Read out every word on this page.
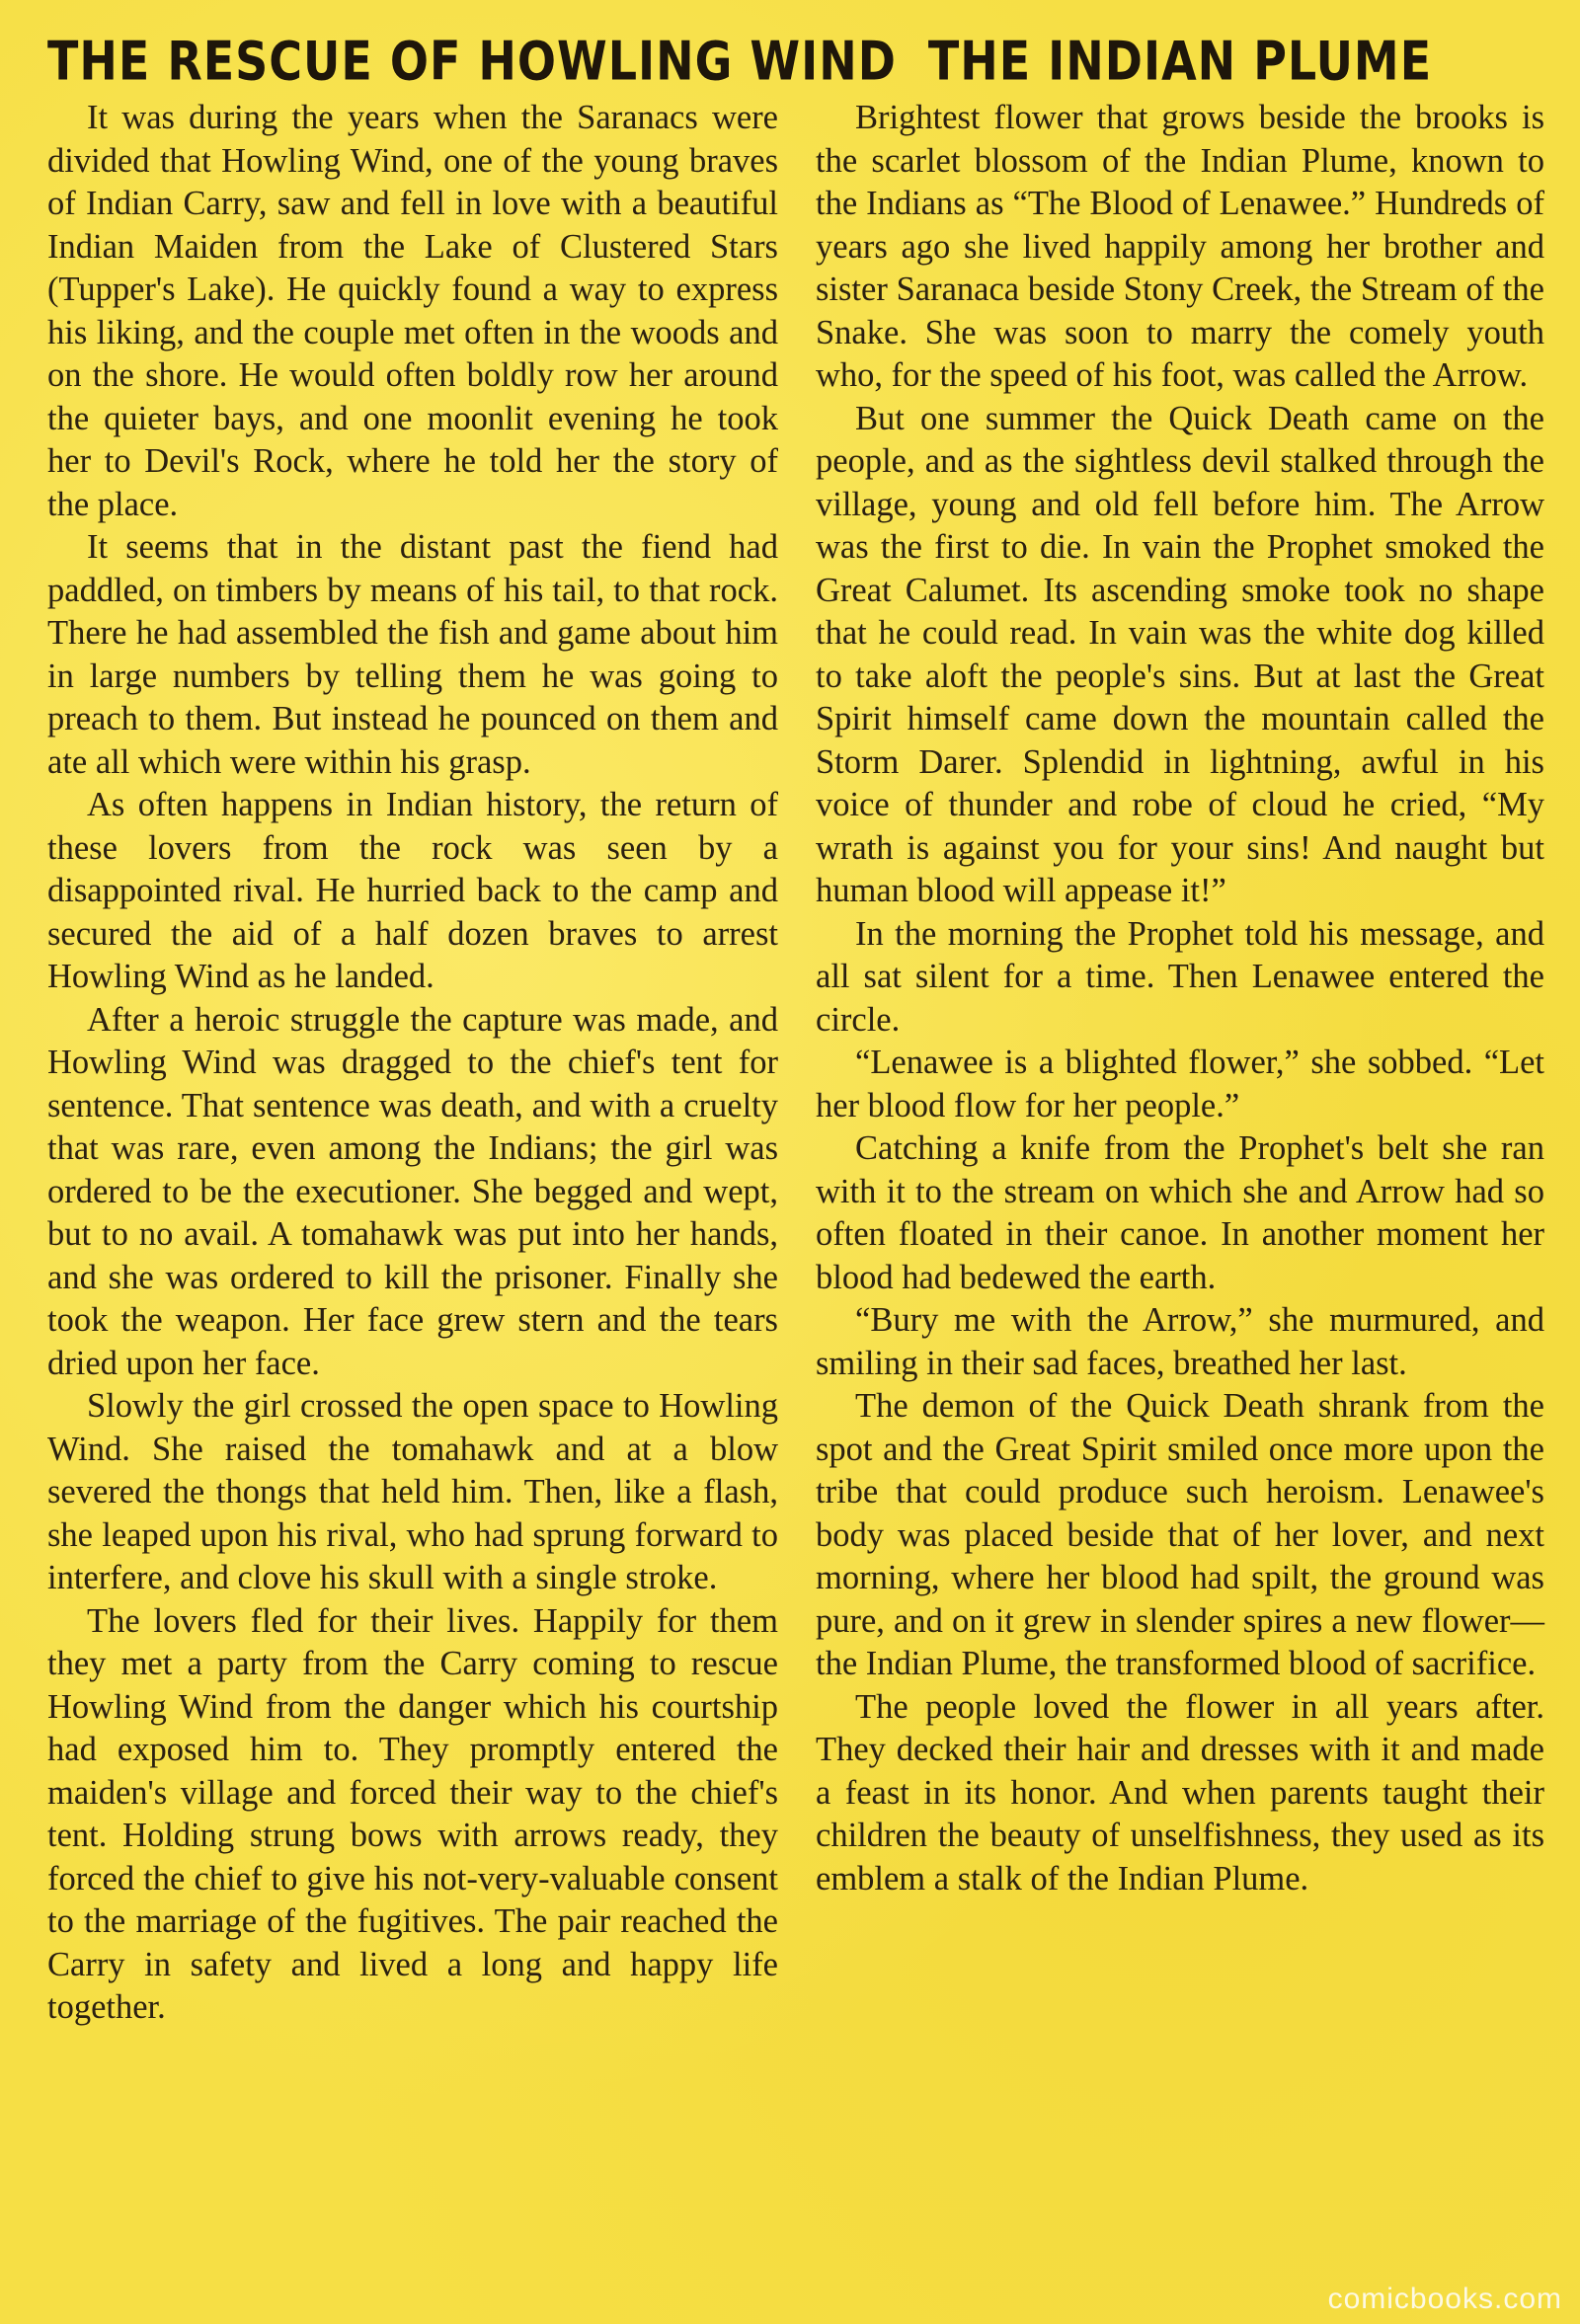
THE RESCUE OF HOWLING WIND

It was during the years when the Saranacs were divided that Howling Wind, one of the young braves of Indian Carry, saw and fell in love with a beautiful Indian Maiden from the Lake of Clustered Stars (Tupper's Lake). He quickly found a way to express his liking, and the couple met often in the woods and on the shore. He would often boldly row her around the quieter bays, and one moonlit evening he took her to Devil's Rock, where he told her the story of the place.

It seems that in the distant past the fiend had paddled, on timbers by means of his tail, to that rock. There he had assembled the fish and game about him in large numbers by telling them he was going to preach to them. But instead he pounced on them and ate all which were within his grasp.

As often happens in Indian history, the return of these lovers from the rock was seen by a disappointed rival. He hurried back to the camp and secured the aid of a half dozen braves to arrest Howling Wind as he landed.

After a heroic struggle the capture was made, and Howling Wind was dragged to the chief's tent for sentence. That sentence was death, and with a cruelty that was rare, even among the Indians; the girl was ordered to be the executioner. She begged and wept, but to no avail. A tomahawk was put into her hands, and she was ordered to kill the prisoner. Finally she took the weapon. Her face grew stern and the tears dried upon her face.

Slowly the girl crossed the open space to Howling Wind. She raised the tomahawk and at a blow severed the thongs that held him. Then, like a flash, she leaped upon his rival, who had sprung forward to interfere, and clove his skull with a single stroke.

The lovers fled for their lives. Happily for them they met a party from the Carry coming to rescue Howling Wind from the danger which his courtship had exposed him to. They promptly entered the maiden's village and forced their way to the chief's tent. Holding strung bows with arrows ready, they forced the chief to give his not-very-valuable consent to the marriage of the fugitives. The pair reached the Carry in safety and lived a long and happy life together.

THE INDIAN PLUME

Brightest flower that grows beside the brooks is the scarlet blossom of the Indian Plume, known to the Indians as “The Blood of Lenawee.” Hundreds of years ago she lived happily among her brother and sister Saranaca beside Stony Creek, the Stream of the Snake. She was soon to marry the comely youth who, for the speed of his foot, was called the Arrow.

But one summer the Quick Death came on the people, and as the sightless devil stalked through the village, young and old fell before him. The Arrow was the first to die. In vain the Prophet smoked the Great Calumet. Its ascending smoke took no shape that he could read. In vain was the white dog killed to take aloft the people's sins. But at last the Great Spirit himself came down the mountain called the Storm Darer. Splendid in lightning, awful in his voice of thunder and robe of cloud he cried, “My wrath is against you for your sins! And naught but human blood will appease it!”

In the morning the Prophet told his message, and all sat silent for a time. Then Lenawee entered the circle.

“Lenawee is a blighted flower,” she sobbed. “Let her blood flow for her people.”

Catching a knife from the Prophet's belt she ran with it to the stream on which she and Arrow had so often floated in their canoe. In another moment her blood had bedewed the earth.

“Bury me with the Arrow,” she murmured, and smiling in their sad faces, breathed her last.

The demon of the Quick Death shrank from the spot and the Great Spirit smiled once more upon the tribe that could produce such heroism. Lenawee's body was placed beside that of her lover, and next morning, where her blood had spilt, the ground was pure, and on it grew in slender spires a new flower—the Indian Plume, the transformed blood of sacrifice.

The people loved the flower in all years after. They decked their hair and dresses with it and made a feast in its honor. And when parents taught their children the beauty of unselfishness, they used as its emblem a stalk of the Indian Plume.

comicbooks.com
